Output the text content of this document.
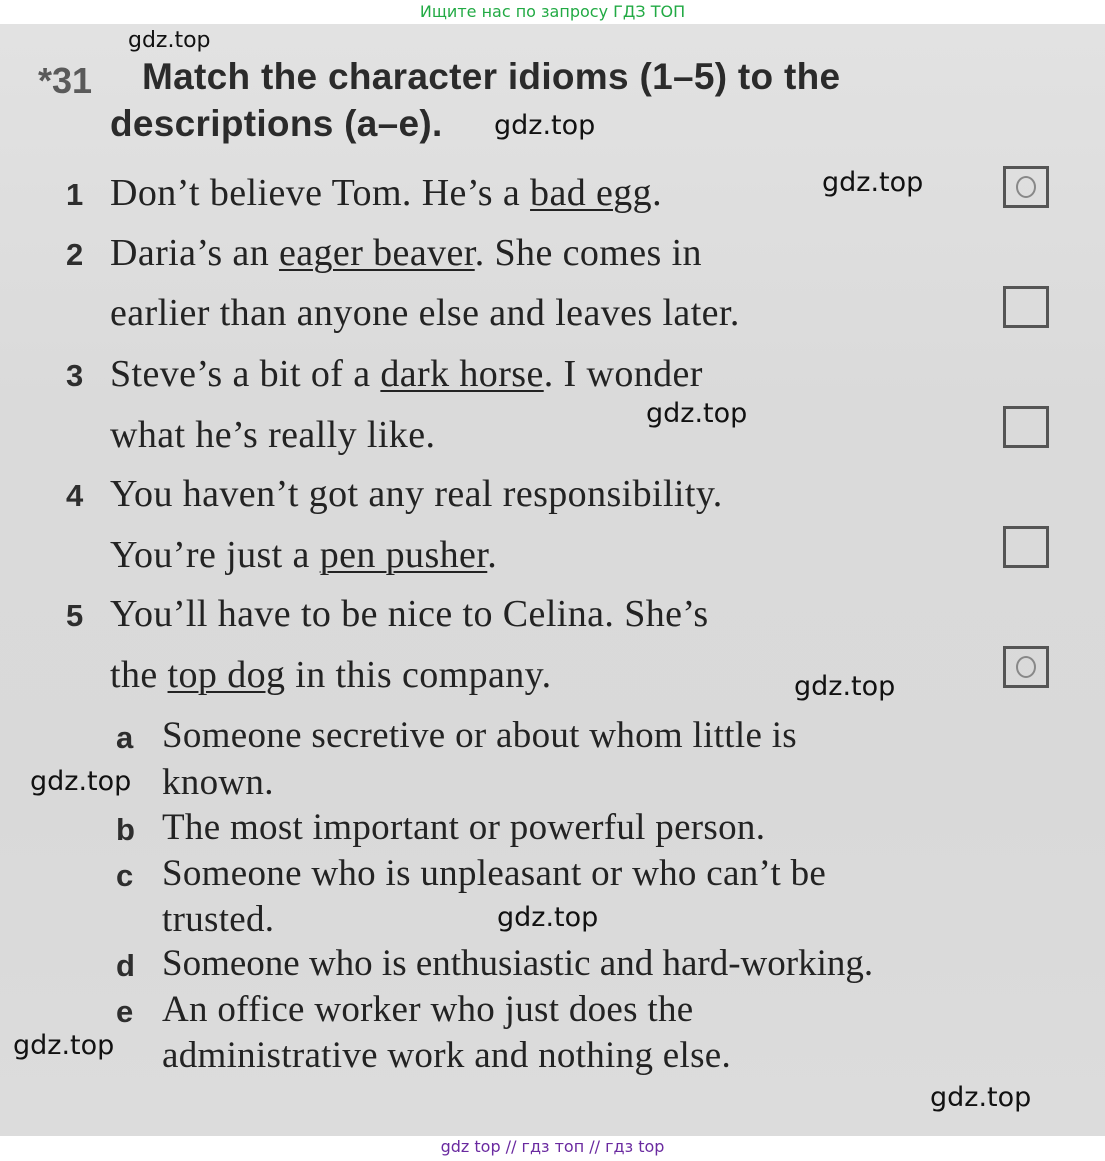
Ищите нас по запросу ГДЗ ТОП
*31 Match the character idioms (1–5) to the
descriptions (a–e).
1 Don’t believe Tom. He’s a bad egg.
2 Daria’s an eager beaver. She comes in
earlier than anyone else and leaves later.
3 Steve’s a bit of a dark horse. I wonder
what he’s really like.
4 You haven’t got any real responsibility.
You’re just a pen pusher.
5 You’ll have to be nice to Celina. She’s
the top dog in this company.
a Someone secretive or about whom little is
known.
b The most important or powerful person.
c Someone who is unpleasant or who can’t be
trusted.
d Someone who is enthusiastic and hard-working.
e An office worker who just does the
administrative work and nothing else.
gdz.top
gdz.top
gdz.top
gdz.top
gdz.top
gdz.top
gdz.top
gdz.top
gdz.top
gdz top // гдз топ // гдз top
